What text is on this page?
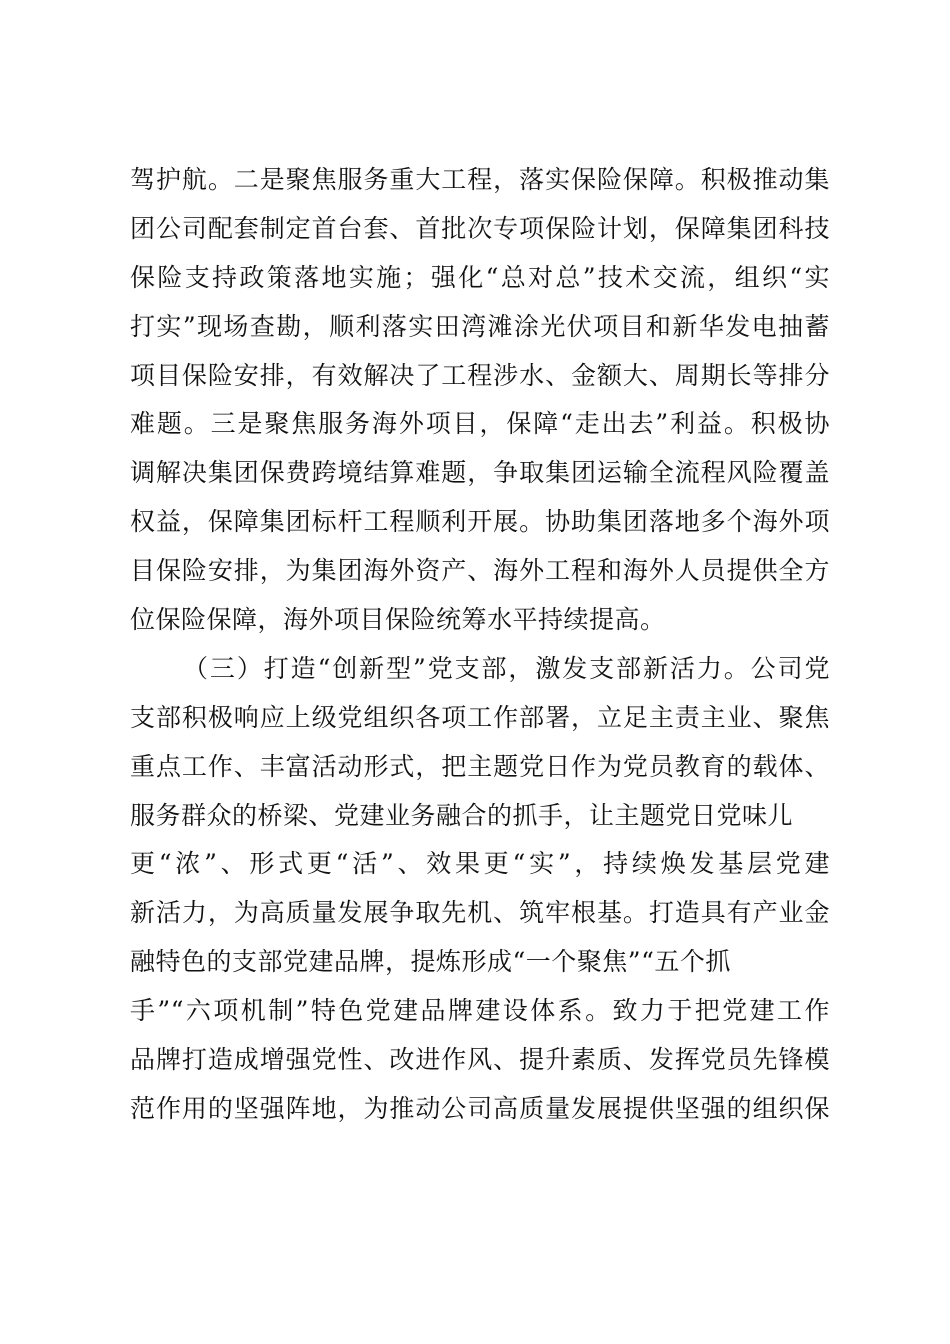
驾护航。二是聚焦服务重大工程，落实保险保障。积极推动集
团公司配套制定首台套、首批次专项保险计划，保障集团科技
保险支持政策落地实施；强化“总对总”技术交流，组织“实
打实”现场查勘，顺利落实田湾滩涂光伏项目和新华发电抽蓄
项目保险安排，有效解决了工程涉水、金额大、周期长等排分
难题。三是聚焦服务海外项目，保障“走出去”利益。积极协
调解决集团保费跨境结算难题，争取集团运输全流程风险覆盖
权益，保障集团标杆工程顺利开展。协助集团落地多个海外项
目保险安排，为集团海外资产、海外工程和海外人员提供全方
位保险保障，海外项目保险统筹水平持续提高。
（三）打造“创新型”党支部，激发支部新活力。公司党
支部积极响应上级党组织各项工作部署，立足主责主业、聚焦
重点工作、丰富活动形式，把主题党日作为党员教育的载体、
服务群众的桥梁、党建业务融合的抓手，让主题党日党味儿
更“浓”、形式更“活”、效果更“实”，持续焕发基层党建
新活力，为高质量发展争取先机、筑牢根基。打造具有产业金
融特色的支部党建品牌，提炼形成“一个聚焦”“五个抓
手”“六项机制”特色党建品牌建设体系。致力于把党建工作
品牌打造成增强党性、改进作风、提升素质、发挥党员先锋模
范作用的坚强阵地，为推动公司高质量发展提供坚强的组织保
